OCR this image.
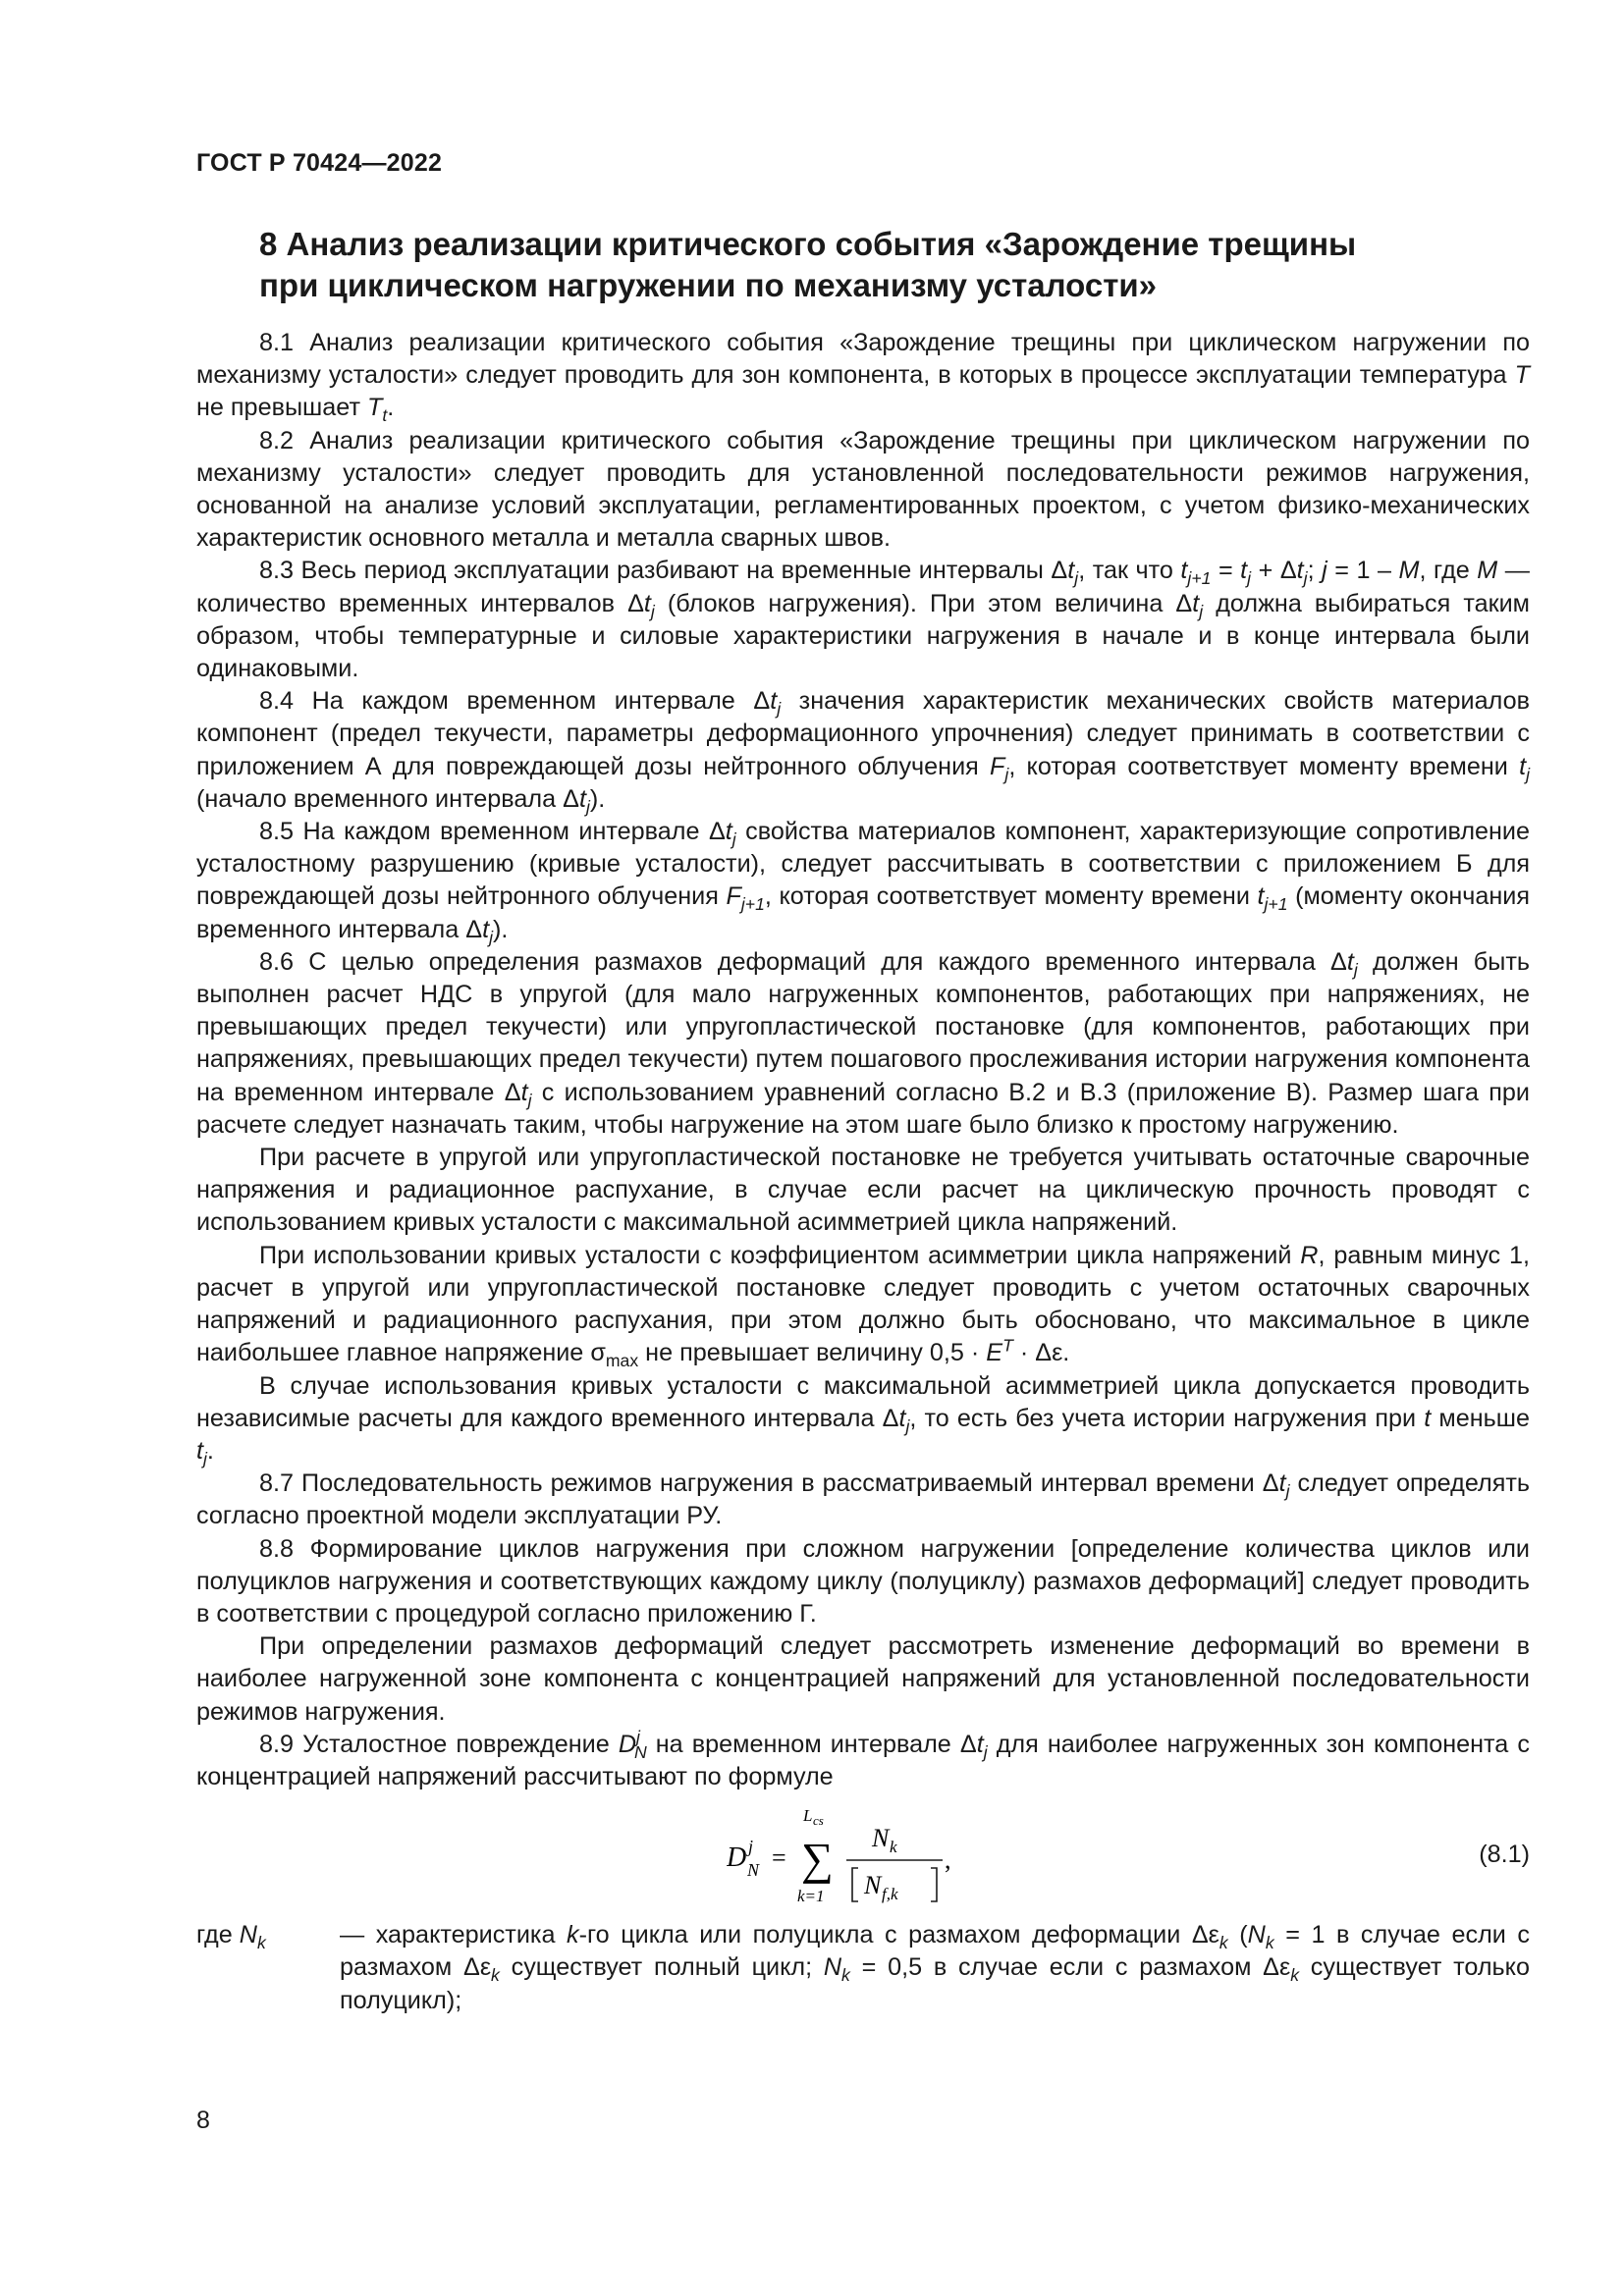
ГОСТ Р 70424—2022
8 Анализ реализации критического события «Зарождение трещины
при циклическом нагружении по механизму усталости»

8.1 Анализ реализации критического события «Зарождение трещины при циклическом нагружении по механизму усталости» следует проводить для зон компонента, в которых в процессе эксплуатации температура T не превышает $T_t$.

8.2 Анализ реализации критического события «Зарождение трещины при циклическом нагружении по механизму усталости» следует проводить для установленной последовательности режимов нагружения, основанной на анализе условий эксплуатации, регламентированных проектом, с учетом физико-механических характеристик основного металла и металла сварных швов.

8.3 Весь период эксплуатации разбивают на временные интервалы $\Delta t_j$, так что $t_{j+1} = t_j + \Delta t_j$; j = 1 – M, где M — количество временных интервалов $\Delta t_j$ (блоков нагружения). При этом величина $\Delta t_j$ должна выбираться таким образом, чтобы температурные и силовые характеристики нагружения в начале и в конце интервала были одинаковыми.

8.4 На каждом временном интервале $\Delta t_j$ значения характеристик механических свойств материалов компонент (предел текучести, параметры деформационного упрочнения) следует принимать в соответствии с приложением А для повреждающей дозы нейтронного облучения $F_j$, которая соответствует моменту времени $t_j$ (начало временного интервала $\Delta t_j$).

8.5 На каждом временном интервале $\Delta t_j$ свойства материалов компонент, характеризующие сопротивление усталостному разрушению (кривые усталости), следует рассчитывать в соответствии с приложением Б для повреждающей дозы нейтронного облучения $F_{j+1}$, которая соответствует моменту времени $t_{j+1}$ (моменту окончания временного интервала $\Delta t_j$).

8.6 С целью определения размахов деформаций для каждого временного интервала $\Delta t_j$ должен быть выполнен расчет НДС в упругой (для мало нагруженных компонентов, работающих при напряжениях, не превышающих предел текучести) или упругопластической постановке (для компонентов, работающих при напряжениях, превышающих предел текучести) путем пошагового прослеживания истории нагружения компонента на временном интервале $\Delta t_j$ с использованием уравнений согласно В.2 и В.3 (приложение В). Размер шага при расчете следует назначать таким, чтобы нагружение на этом шаге было близко к простому нагружению.

При расчете в упругой или упругопластической постановке не требуется учитывать остаточные сварочные напряжения и радиационное распухание, в случае если расчет на циклическую прочность проводят с использованием кривых усталости с максимальной асимметрией цикла напряжений.

При использовании кривых усталости с коэффициентом асимметрии цикла напряжений R, равным минус 1, расчет в упругой или упругопластической постановке следует проводить с учетом остаточных сварочных напряжений и радиационного распухания, при этом должно быть обосновано, что максимальное в цикле наибольшее главное напряжение $\sigma_{max}$ не превышает величину $0,5 \cdot E^T \cdot \Delta\varepsilon$.

В случае использования кривых усталости с максимальной асимметрией цикла допускается проводить независимые расчеты для каждого временного интервала $\Delta t_j$, то есть без учета истории нагружения при t меньше $t_j$.

8.7 Последовательность режимов нагружения в рассматриваемый интервал времени $\Delta t_j$ следует определять согласно проектной модели эксплуатации РУ.

8.8 Формирование циклов нагружения при сложном нагружении [определение количества циклов или полуциклов нагружения и соответствующих каждому циклу (полуциклу) размахов деформаций] следует проводить в соответствии с процедурой согласно приложению Г.

При определении размахов деформаций следует рассмотреть изменение деформаций во времени в наиболее нагруженной зоне компонента с концентрацией напряжений для установленной последовательности режимов нагружения.

8.9 Усталостное повреждение $D^j_N$ на временном интервале $\Delta t_j$ для наиболее нагруженных зон компонента с концентрацией напряжений рассчитывают по формуле

D j
N =
L cs
∑
k=1
N k
N f,k
,	(8.1)
где $N_k$	— характеристика k-го цикла или полуцикла с размахом деформации $\Delta\varepsilon_k$ ($N_k = 1$ в случае если с размахом $\Delta\varepsilon_k$ существует полный цикл; $N_k = 0,5$ в случае если с размахом $\Delta\varepsilon_k$ существует только полуцикл);
8
